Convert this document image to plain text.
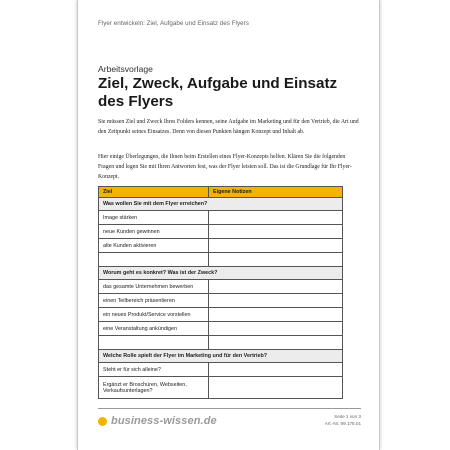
Flyer entwickeln: Ziel, Aufgabe und Einsatz des Flyers
Arbeitsvorlage
Ziel, Zweck, Aufgabe und Einsatz des Flyers

Sie müssen Ziel und Zweck Ihres Folders kennen, seine Aufgabe im Marketing und für den Vertrieb, die Art und den Zeitpunkt seines Einsatzes. Denn von diesen Punkten hängen Konzept und Inhalt ab.

Hier einige Überlegungen, die Ihnen beim Erstellen eines Flyer-Konzepts helfen. Klären Sie die folgenden Fragen und legen Sie mit Ihren Antworten fest, was der Flyer leisten soll. Das ist die Grundlage für Ihr Flyer-Konzept.

Ziel	Eigene Notizen
Was wollen Sie mit dem Flyer erreichen?	
Image stärken	
neue Kunden gewinnen	
alte Kunden aktivieren	

Worum geht es konkret? Was ist der Zweck?	
das gesamte Unternehmen bewerben	
einen Teilbereich präsentieren	
ein neues Produkt/Service vorstellen	
eine Veranstaltung ankündigen	

Welche Rolle spielt der Flyer im Marketing und für den Vertrieb?	
Steht er für sich alleine?	
Ergänzt er Broschüren, Webseiten, Verkaufsunterlagen?	
business-wissen.de	Seite 1 von 3
Art.-Nr. 99.178.01
